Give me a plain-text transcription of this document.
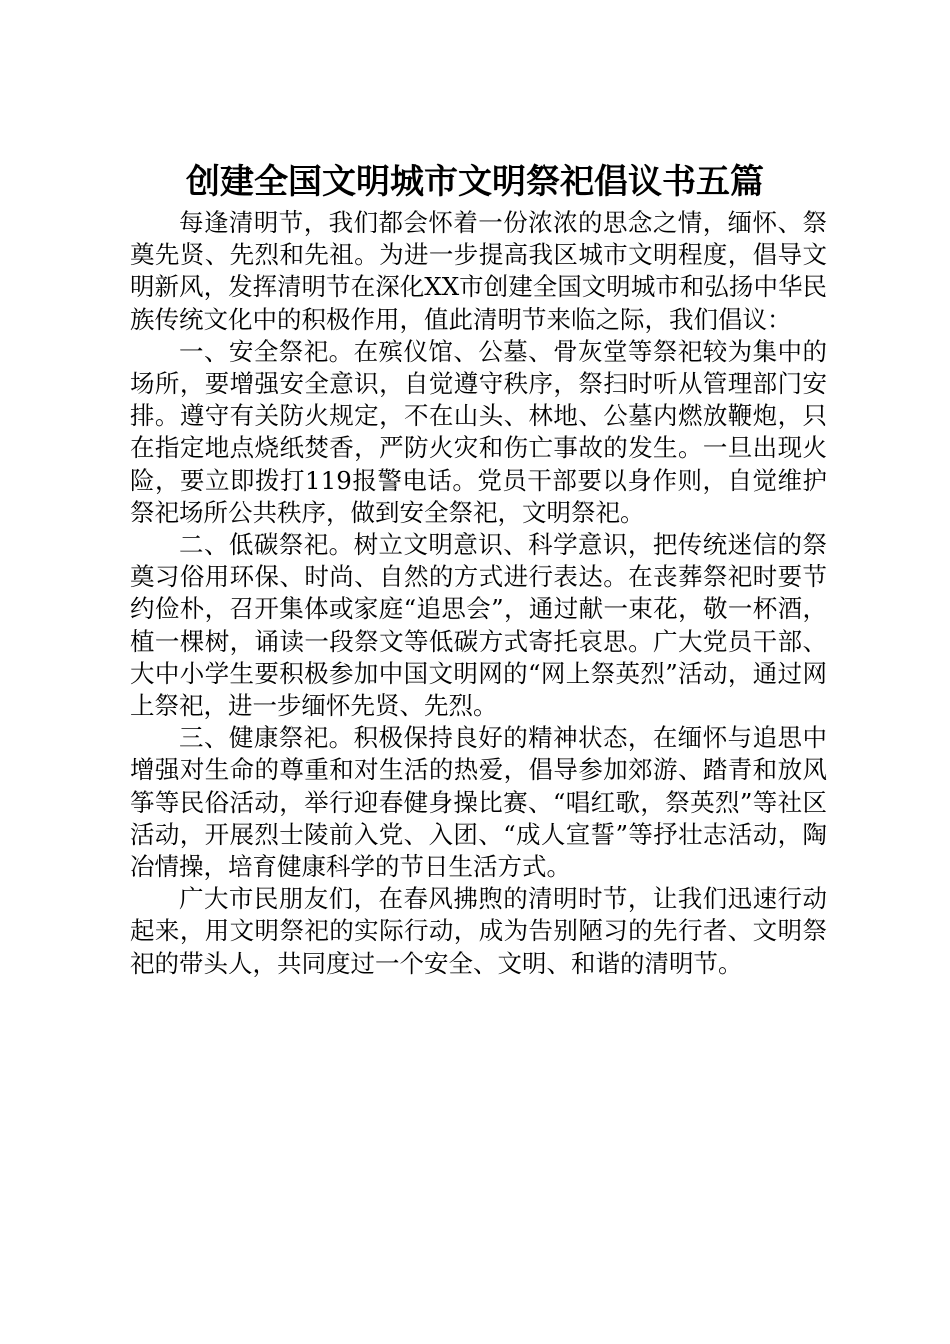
创建全国文明城市文明祭祀倡议书五篇

每逢清明节，我们都会怀着一份浓浓的思念之情，缅怀、祭奠先贤、先烈和先祖。为进一步提高我区城市文明程度，倡导文明新风，发挥清明节在深化XX市创建全国文明城市和弘扬中华民族传统文化中的积极作用，值此清明节来临之际，我们倡议：

一、安全祭祀。在殡仪馆、公墓、骨灰堂等祭祀较为集中的场所，要增强安全意识，自觉遵守秩序，祭扫时听从管理部门安排。遵守有关防火规定，不在山头、林地、公墓内燃放鞭炮，只在指定地点烧纸焚香，严防火灾和伤亡事故的发生。一旦出现火险，要立即拨打119报警电话。党员干部要以身作则，自觉维护祭祀场所公共秩序，做到安全祭祀，文明祭祀。

二、低碳祭祀。树立文明意识、科学意识，把传统迷信的祭奠习俗用环保、时尚、自然的方式进行表达。在丧葬祭祀时要节约俭朴，召开集体或家庭“追思会”，通过献一束花，敬一杯酒，植一棵树，诵读一段祭文等低碳方式寄托哀思。广大党员干部、大中小学生要积极参加中国文明网的“网上祭英烈”活动，通过网上祭祀，进一步缅怀先贤、先烈。

三、健康祭祀。积极保持良好的精神状态，在缅怀与追思中增强对生命的尊重和对生活的热爱，倡导参加郊游、踏青和放风筝等民俗活动，举行迎春健身操比赛、“唱红歌，祭英烈”等社区活动，开展烈士陵前入党、入团、“成人宣誓”等抒壮志活动，陶冶情操，培育健康科学的节日生活方式。

广大市民朋友们，在春风拂煦的清明时节，让我们迅速行动起来，用文明祭祀的实际行动，成为告别陋习的先行者、文明祭祀的带头人，共同度过一个安全、文明、和谐的清明节。
